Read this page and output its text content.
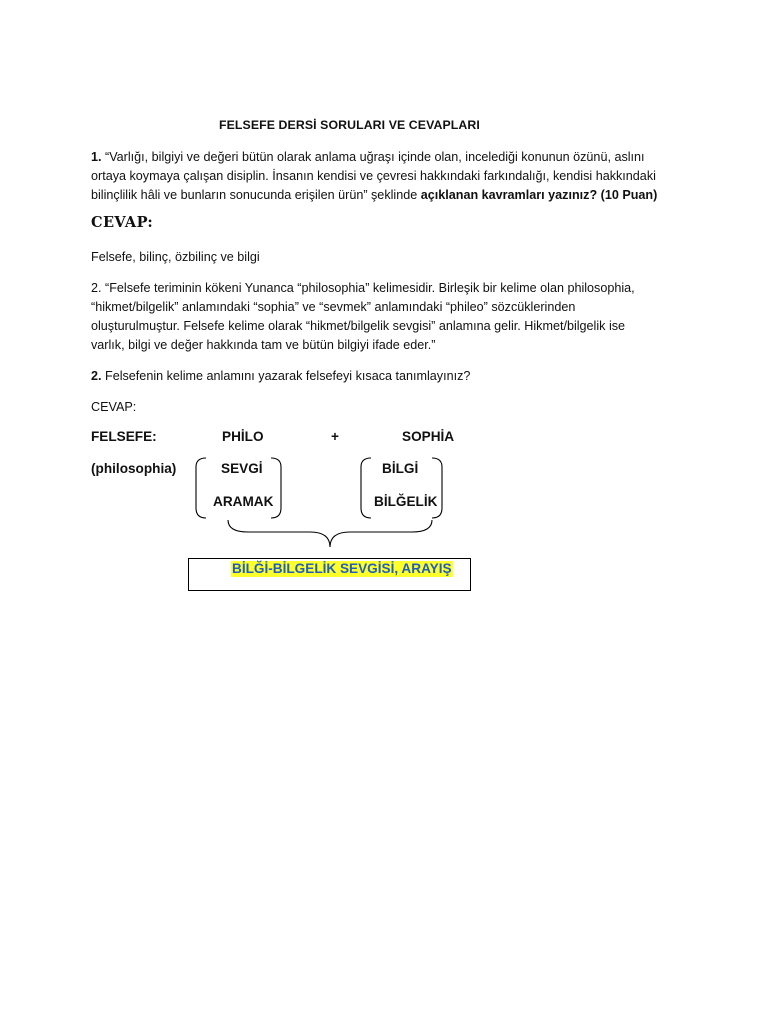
FELSEFE DERSİ SORULARI VE CEVAPLARI
1. “Varlığı, bilgiyi ve değeri bütün olarak anlama uğraşı içinde olan, incelediği konunun özünü, aslını
ortaya koymaya çalışan disiplin. İnsanın kendisi ve çevresi hakkındaki farkındalığı, kendisi hakkındaki
bilinçlilik hâli ve bunların sonucunda erişilen ürün” şeklinde açıklanan kavramları yazınız? (10 Puan)
CEVAP:
Felsefe, bilinç, özbilinç ve bilgi
2. “Felsefe teriminin kökeni Yunanca “philosophia” kelimesidir. Birleşik bir kelime olan philosophia,
“hikmet/bilgelik” anlamındaki “sophia” ve “sevmek” anlamındaki “phileo” sözcüklerinden
oluşturulmuştur. Felsefe kelime olarak “hikmet/bilgelik sevgisi” anlamına gelir. Hikmet/bilgelik ise
varlık, bilgi ve değer hakkında tam ve bütün bilgiyi ifade eder.”
2. Felsefenin kelime anlamını yazarak felsefeyi kısaca tanımlayınız?
CEVAP:
FELSEFE:	PHİLO	+	SOPHİA
(philosophia)	SEVGİ	BİLGİ
ARAMAK	BİLĞELİK
BİLĞİ-BİLGELİK SEVGİSİ, ARAYIŞ
